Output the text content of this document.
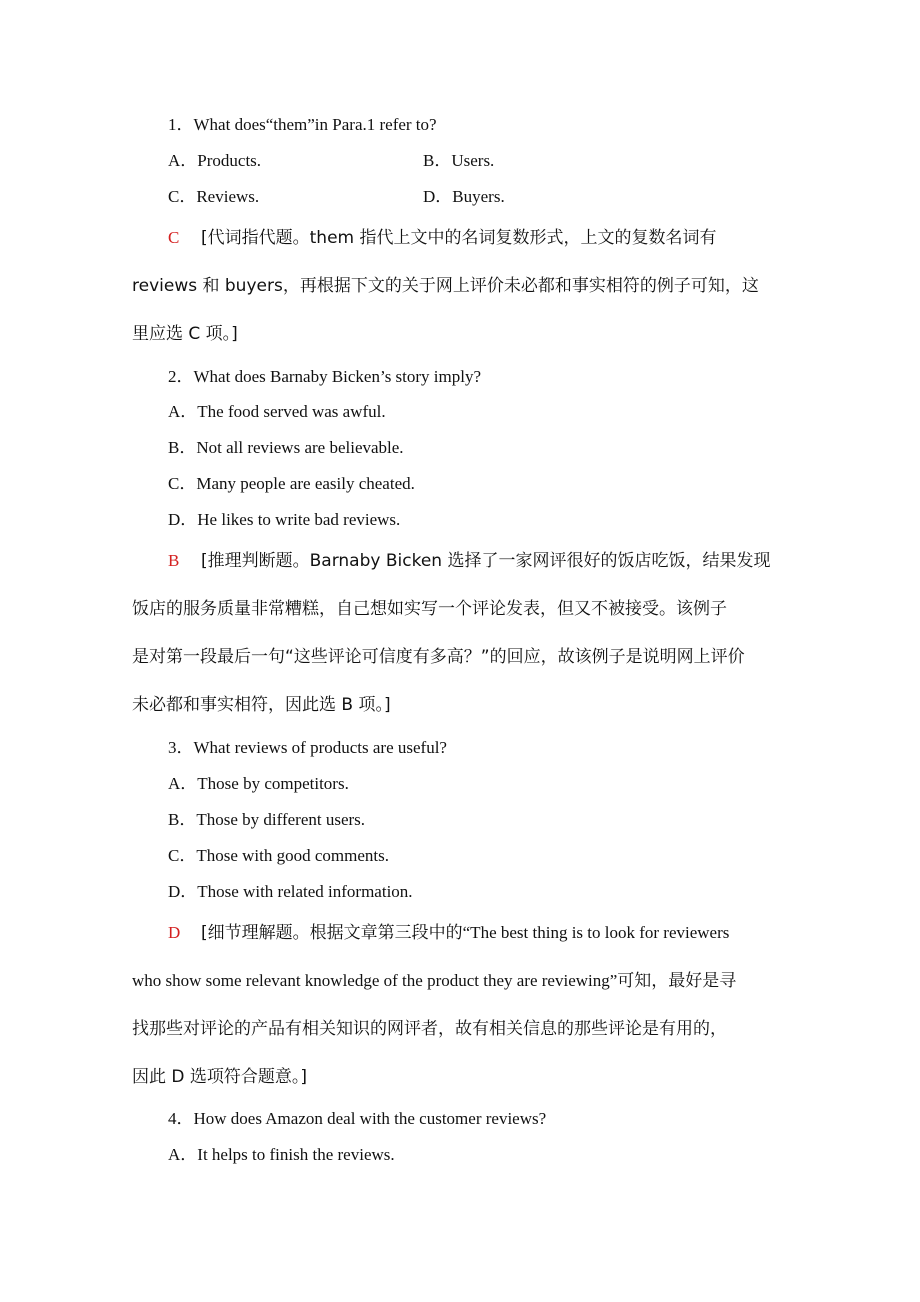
1．What does“them”in Para.1 refer to?
A．Products.	B．Users.
C．Reviews.	D．Buyers.
C [代词指代题。them 指代上文中的名词复数形式，上文的复数名词有
reviews 和 buyers，再根据下文的关于网上评价未必都和事实相符的例子可知，这
里应选 C 项。]
2．What does Barnaby Bicken’s story imply?
A．The food served was awful.
B．Not all reviews are believable.
C．Many people are easily cheated.
D．He likes to write bad reviews.
B [推理判断题。Barnaby Bicken 选择了一家网评很好的饭店吃饭，结果发现
饭店的服务质量非常糟糕，自己想如实写一个评论发表，但又不被接受。该例子
是对第一段最后一句“这些评论可信度有多高？”的回应，故该例子是说明网上评价
未必都和事实相符，因此选 B 项。]
3．What reviews of products are useful?
A．Those by competitors.
B．Those by different users.
C．Those with good comments.
D．Those with related information.
D [细节理解题。根据文章第三段中的“The best thing is to look for reviewers
who show some relevant knowledge of the product they are reviewing”可知，最好是寻
找那些对评论的产品有相关知识的网评者，故有相关信息的那些评论是有用的，
因此 D 选项符合题意。]
4．How does Amazon deal with the customer reviews?
A．It helps to finish the reviews.
